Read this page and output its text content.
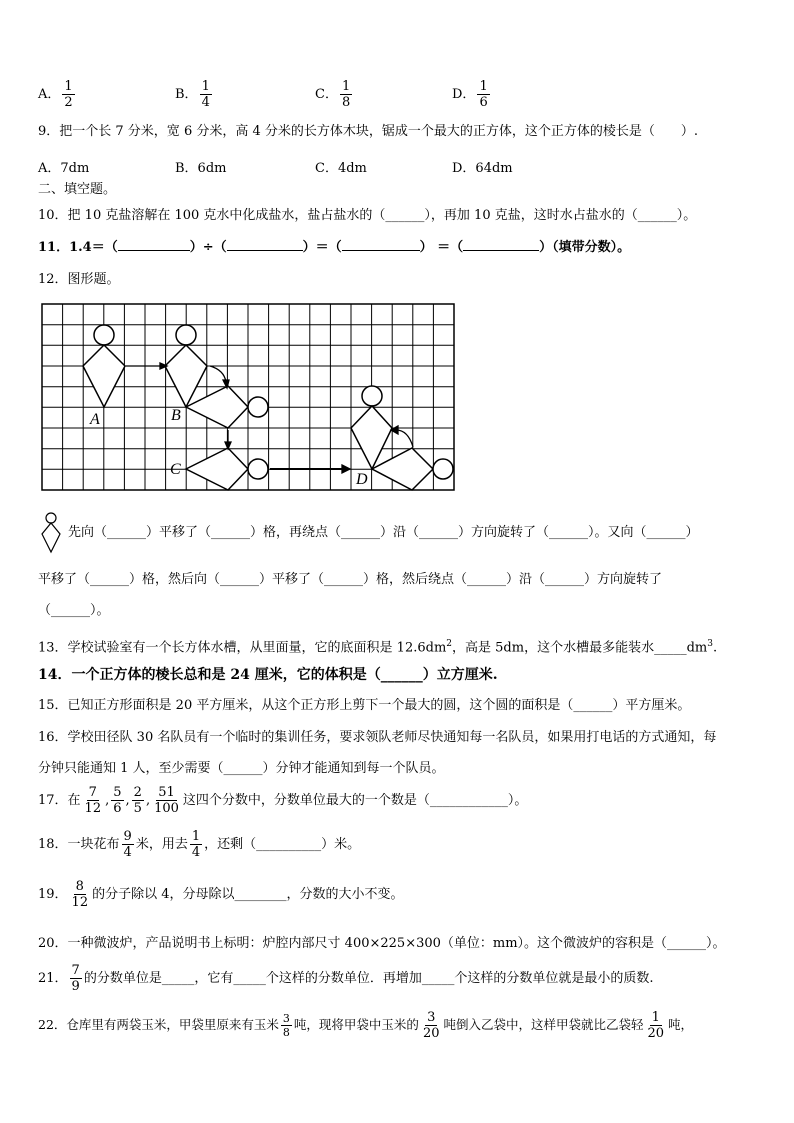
A． $\frac{1}{2}$	B． $\frac{1}{4}$	C． $\frac{1}{8}$	D． $\frac{1}{6}$
9．把一个长 7 分米，宽 6 分米，高 4 分米的长方体木块，锯成一个最大的正方体，这个正方体的棱长是（　　）.
A．7dm	B．6dm	C．4dm	D．64dm
二、填空题。
10．把 10 克盐溶解在 100 克水中化成盐水，盐占盐水的（______），再加 10 克盐，这时水占盐水的（______）。
11．1.4＝（	）÷（	）＝（	） ＝（	）（填带分数）。
12．图形题。
A	B
C
D
先向（______）平移了（______）格，再绕点（______）沿（______）方向旋转了（______）。又向（______）
平移了（______）格，然后向（______）平移了（______）格，然后绕点（______）沿（______）方向旋转了
（______）。
13．学校试验室有一个长方体水槽，从里面量，它的底面积是 $12.6dm^2$，高是 5dm，这个水槽最多能装水$\_\_\_\_\_dm^3$.
14．一个正方体的棱长总和是 24 厘米，它的体积是（______）立方厘米.
15．已知正方形面积是 20 平方厘米，从这个正方形上剪下一个最大的圆，这个圆的面积是（______）平方厘米。
16．学校田径队 30 名队员有一个临时的集训任务，要求领队老师尽快通知每一名队员，如果用打电话的方式通知，每
分钟只能通知 1 人，至少需要（______）分钟才能通知到每一个队员。
17．在 $\frac{7}{12}$ , $\frac{5}{6}$ , $\frac{2}{5}$ , $\frac{51}{100}$ 这四个分数中，分数单位最大的一个数是（____________）。
18．一块花布 $\frac{9}{4}$ 米，用去 $\frac{1}{4}$ ，还剩（__________）米。
19． $\frac{8}{12}$ 的分子除以 4，分母除以________，分数的大小不变。
20．一种微波炉，产品说明书上标明：炉腔内部尺寸 400×225×300（单位：mm）。这个微波炉的容积是（______）。
21． $\frac{7}{9}$ 的分数单位是_____，它有_____个这样的分数单位．再增加_____个这样的分数单位就是最小的质数.
22．仓库里有两袋玉米，甲袋里原来有玉米 $\frac{3}{8}$ 吨，现将甲袋中玉米的 $\frac{3}{20}$ 吨倒入乙袋中，这样甲袋就比乙袋轻 $\frac{1}{20}$ 吨，
